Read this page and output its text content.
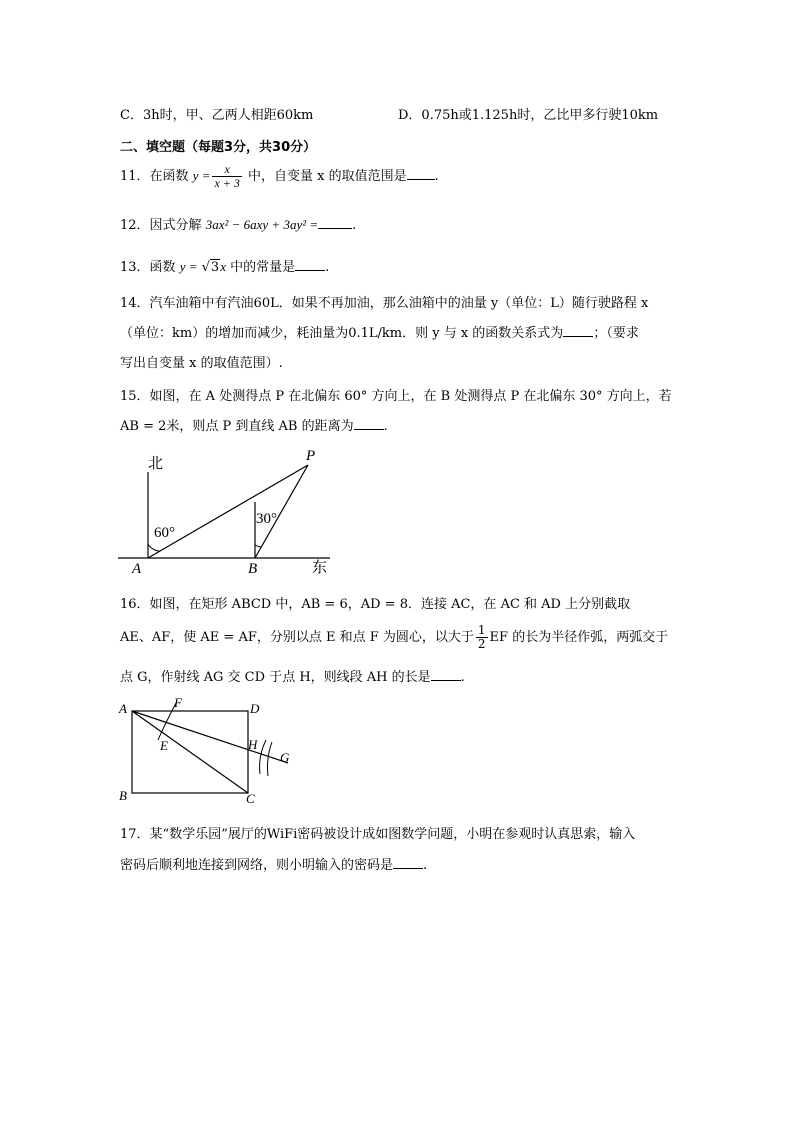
C．3h时，甲、乙两人相距60km	D．0.75h或1.125h时，乙比甲多行驶10km
二、填空题（每题3分，共30分）
11．在函数 $y = \frac{x}{x + 3}$ 中，自变量 x 的取值范围是 .
12．因式分解 3ax² − 6axy + 3ay² =	.
13．函数 y = √3x 中的常量是 .
14．汽车油箱中有汽油60L．如果不再加油，那么油箱中的油量 y（单位：L）随行驶路程 x
（单位：km）的增加而减少，耗油量为0.1L/km．则 y 与 x 的函数关系式为 ；（要求
写出自变量 x 的取值范围）.
15．如图，在 A 处测得点 P 在北偏东 60° 方向上，在 B 处测得点 P 在北偏东 30° 方向上，若
AB = 2米，则点 P 到直线 AB 的距离为 .
北
东
A	B
P
60°
30°
16．如图，在矩形 ABCD 中，AB = 6，AD = 8．连接 AC，在 AC 和 AD 上分别截取
AE、AF，使 AE = AF，分别以点 E 和点 F 为圆心，以大于 $\frac{1}{2}$ EF 的长为半径作弧，两弧交于
点 G，作射线 AG 交 CD 于点 H，则线段 AH 的长是 .
A
B	C
D
E
F
H
G
17．某“数学乐园”展厅的WiFi密码被设计成如图数学问题，小明在参观时认真思索，输入
密码后顺利地连接到网络，则小明输入的密码是 .
